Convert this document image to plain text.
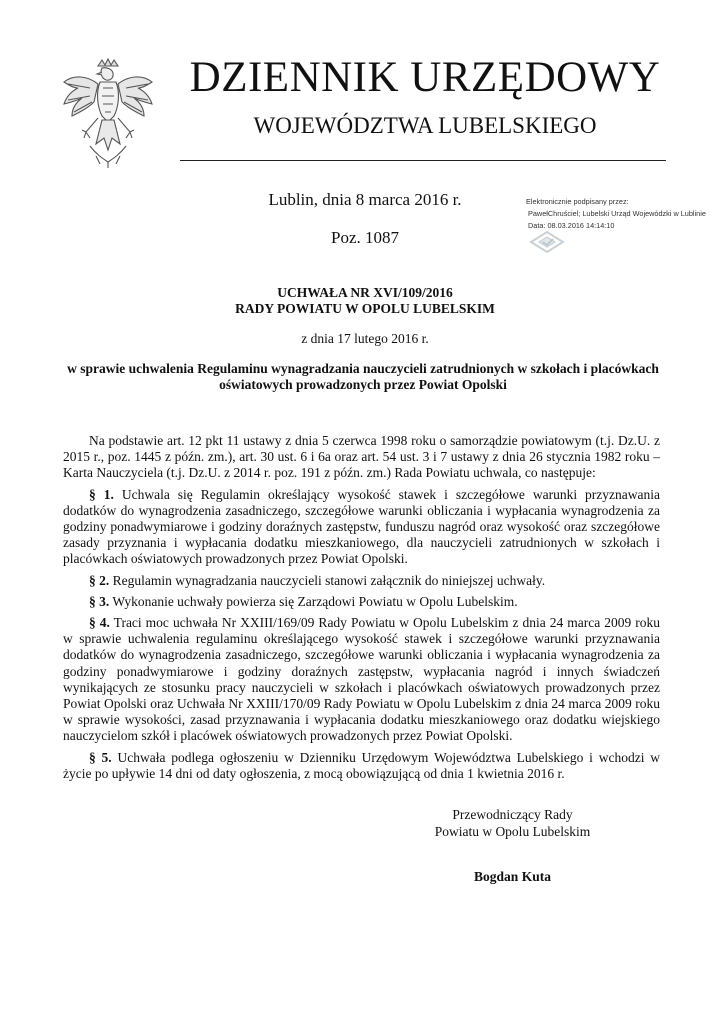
DZIENNIK URZĘDOWY
WOJEWÓDZTWA LUBELSKIEGO
Lublin, dnia 8 marca 2016 r.
Poz. 1087
Elektronicznie podpisany przez:
PawełChruściel; Lubelski Urząd Wojewódzki w Lublinie
Data: 08.03.2016 14:14:10
UCHWAŁA NR XVI/109/2016
RADY POWIATU W OPOLU LUBELSKIM
z dnia 17 lutego 2016 r.
w sprawie uchwalenia Regulaminu wynagradzania nauczycieli zatrudnionych w szkołach i placówkach oświatowych prowadzonych przez Powiat Opolski

Na podstawie art. 12 pkt 11 ustawy z dnia 5 czerwca 1998 roku o samorządzie powiatowym (t.j. Dz.U. z 2015 r., poz. 1445 z późn. zm.), art. 30 ust. 6 i 6a oraz art. 54 ust. 3 i 7 ustawy z dnia 26 stycznia 1982 roku – Karta Nauczyciela (t.j. Dz.U. z 2014 r. poz. 191 z późn. zm.) Rada Powiatu uchwala, co następuje:

§ 1. Uchwala się Regulamin określający wysokość stawek i szczegółowe warunki przyznawania dodatków do wynagrodzenia zasadniczego, szczegółowe warunki obliczania i wypłacania wynagrodzenia za godziny ponadwymiarowe i godziny doraźnych zastępstw, funduszu nagród oraz wysokość oraz szczegółowe zasady przyznania i wypłacania dodatku mieszkaniowego, dla nauczycieli zatrudnionych w szkołach i placówkach oświatowych prowadzonych przez Powiat Opolski.

§ 2. Regulamin wynagradzania nauczycieli stanowi załącznik do niniejszej uchwały.

§ 3. Wykonanie uchwały powierza się Zarządowi Powiatu w Opolu Lubelskim.

§ 4. Traci moc uchwała Nr XXIII/169/09 Rady Powiatu w Opolu Lubelskim z dnia 24 marca 2009 roku w sprawie uchwalenia regulaminu określającego wysokość stawek i szczegółowe warunki przyznawania dodatków do wynagrodzenia zasadniczego, szczegółowe warunki obliczania i wypłacania wynagrodzenia za godziny ponadwymiarowe i godziny doraźnych zastępstw, wypłacania nagród i innych świadczeń wynikających ze stosunku pracy nauczycieli w szkołach i placówkach oświatowych prowadzonych przez Powiat Opolski oraz Uchwała Nr XXIII/170/09 Rady Powiatu w Opolu Lubelskim z dnia 24 marca 2009 roku w sprawie wysokości, zasad przyznawania i wypłacania dodatku mieszkaniowego oraz dodatku wiejskiego nauczycielom szkół i placówek oświatowych prowadzonych przez Powiat Opolski.

§ 5. Uchwała podlega ogłoszeniu w Dzienniku Urzędowym Województwa Lubelskiego i wchodzi w życie po upływie 14 dni od daty ogłoszenia, z mocą obowiązującą od dnia 1 kwietnia 2016 r.

Przewodniczący Rady
Powiatu w Opolu Lubelskim
Bogdan Kuta
